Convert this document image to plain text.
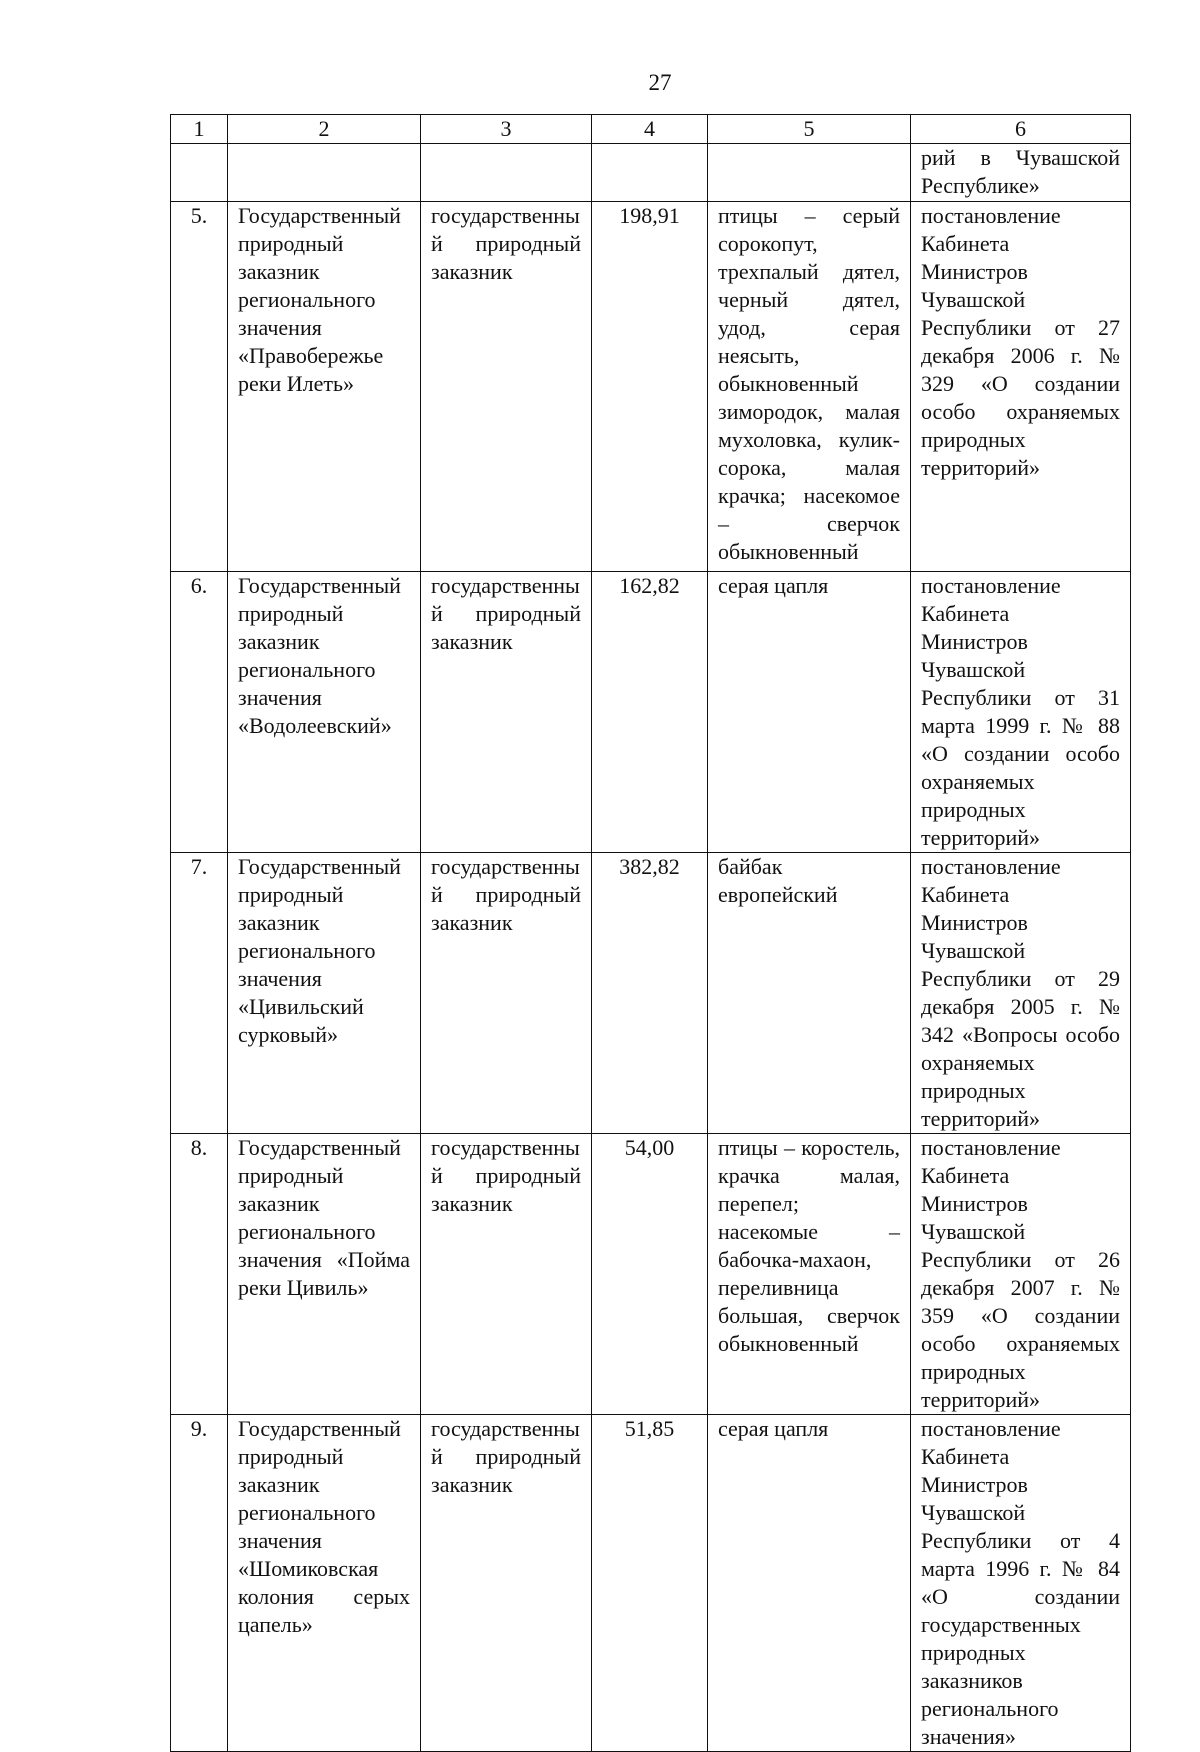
27
1	2	3	4	5	6
					рий в Чувашской Республике»
5.	Государственный природный заказник регионального значения «Правобережье реки Илеть»	государственный природный заказник	198,91	птицы – серый сорокопут, трехпалый дятел, черный дятел, удод, серая неясыть, обыкновенный зимородок, малая мухоловка, кулик-сорока, малая крачка; насекомое – сверчок обыкновенный	постановление Кабинета Министров Чувашской Республики от 27 декабря 2006 г. № 329 «О создании особо охраняемых природных территорий»
6.	Государственный природный заказник регионального значения «Водолеевский»	государственный природный заказник	162,82	серая цапля	постановление Кабинета Министров Чувашской Республики от 31 марта 1999 г. № 88 «О создании особо охраняемых природных территорий»
7.	Государственный природный заказник регионального значения «Цивильский сурковый»	государственный природный заказник	382,82	байбак европейский	постановление Кабинета Министров Чувашской Республики от 29 декабря 2005 г. № 342 «Вопросы особо охраняемых природных территорий»
8.	Государственный природный заказник регионального значения «Пойма реки Цивиль»	государственный природный заказник	54,00	птицы – коростель, крачка малая, перепел; насекомые – бабочка-махаон, переливница большая, сверчок обыкновенный	постановление Кабинета Министров Чувашской Республики от 26 декабря 2007 г. № 359 «О создании особо охраняемых природных территорий»
9.	Государственный природный заказник регионального значения «Шомиковская колония серых цапель»	государственный природный заказник	51,85	серая цапля	постановление Кабинета Министров Чувашской Республики от 4 марта 1996 г. № 84 «О создании государственных природных заказников регионального значения»
